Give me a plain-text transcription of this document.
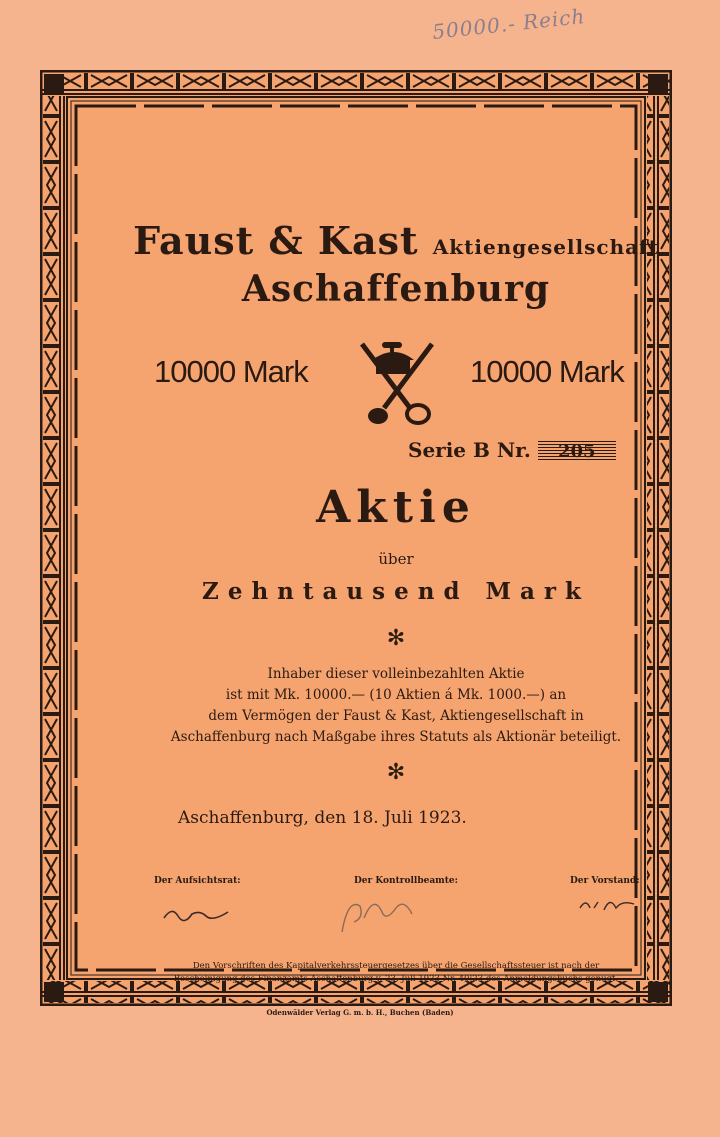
50000.- Reich
Faust & Kast Aktiengesellschaft
Aschaffenburg
10000 Mark	10000 Mark
Serie B Nr. 205
Aktie
über
Zehntausend Mark
✻
Inhaber dieser volleinbezahlten Aktie
ist mit Mk. 10000.— (10 Aktien á Mk. 1000.—) an
dem Vermögen der Faust & Kast, Aktiengesellschaft in
Aschaffenburg nach Maßgabe ihres Statuts als Aktionär beteiligt.
✻
Aschaffenburg, den 18. Juli 1923.
Der Aufsichtsrat:	Der Kontrollbeamte:	Der Vorstand:
Den Vorschriften des Kapitalverkehrssteuergesetzes über die Gesellschaftssteuer ist nach der
Bescheinigung des Finanzamts Aschaffenburg v. 23. Juli 1923 Nr. 40|23 des Anmeldungsbuchs genügt.
Odenwälder Verlag G. m. b. H., Buchen (Baden)
